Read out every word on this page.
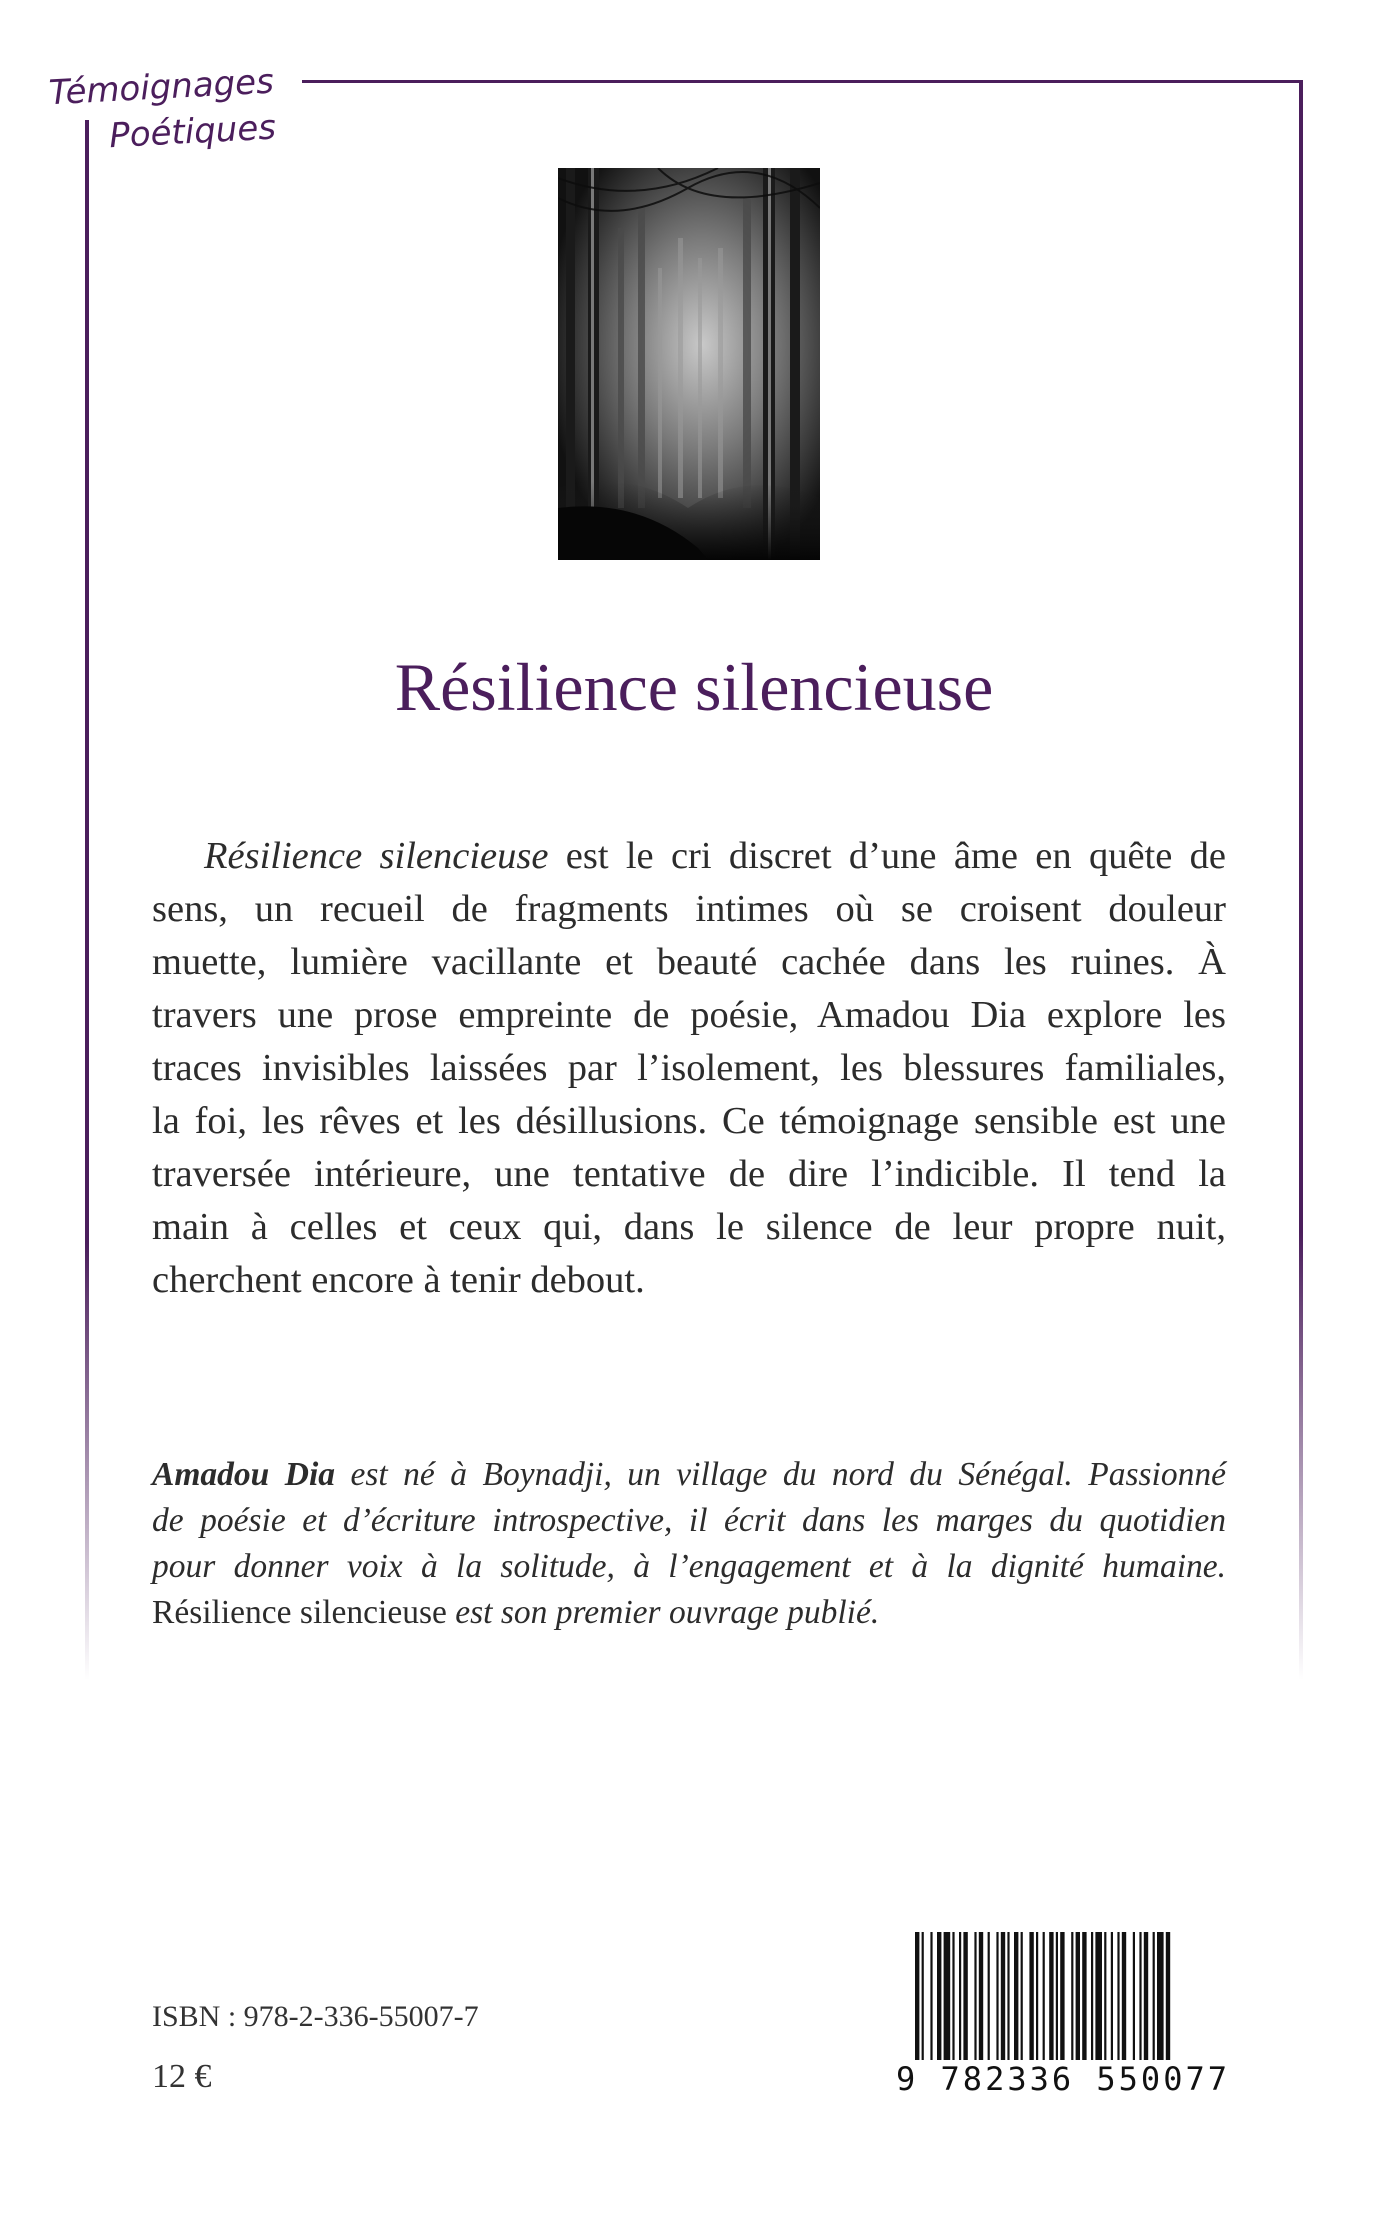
Témoignages
Poétiques
Résilience silencieuse
Résilience silencieuse est le cri discret d’une âme en quête de
sens, un recueil de fragments intimes où se croisent douleur
muette, lumière vacillante et beauté cachée dans les ruines. À
travers une prose empreinte de poésie, Amadou Dia explore les
traces invisibles laissées par l’isolement, les blessures familiales,
la foi, les rêves et les désillusions. Ce témoignage sensible est une
traversée intérieure, une tentative de dire l’indicible. Il tend la
main à celles et ceux qui, dans le silence de leur propre nuit,
cherchent encore à tenir debout.
Amadou Dia est né à Boynadji, un village du nord du Sénégal. Passionné
de poésie et d’écriture introspective, il écrit dans les marges du quotidien
pour donner voix à la solitude, à l’engagement et à la dignité humaine.
Résilience silencieuse est son premier ouvrage publié.
ISBN : 978-2-336-55007-7
12 €	9 782336 550077
